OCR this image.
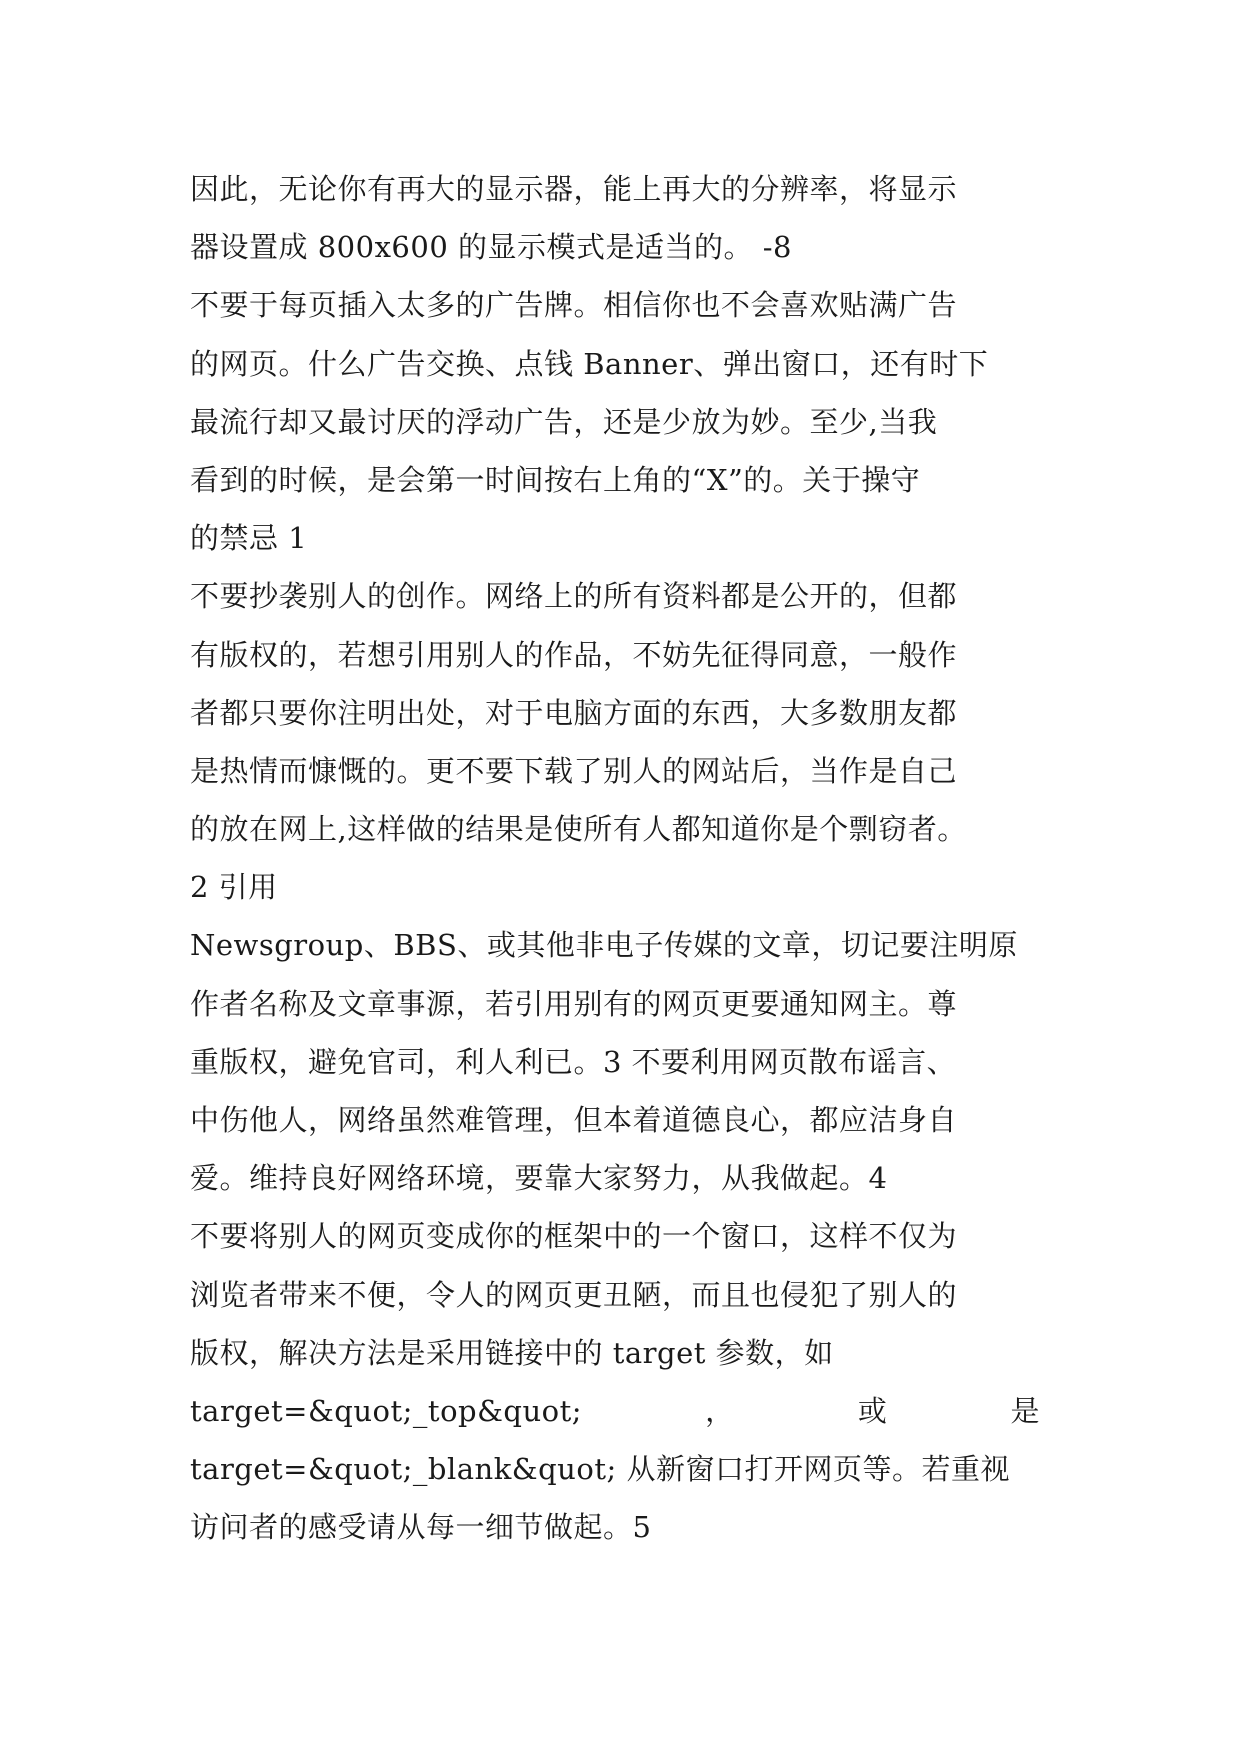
因此，无论你有再大的显示器，能上再大的分辨率，将显示
器设置成 800x600 的显示模式是适当的。 -8
不要于每页插入太多的广告牌。相信你也不会喜欢贴满广告
的网页。什么广告交换、点钱 Banner、弹出窗口，还有时下
最流行却又最讨厌的浮动广告，还是少放为妙。至少,当我
看到的时候，是会第一时间按右上角的“X”的。关于操守
的禁忌 1
不要抄袭别人的创作。网络上的所有资料都是公开的，但都
有版权的，若想引用别人的作品，不妨先征得同意，一般作
者都只要你注明出处，对于电脑方面的东西，大多数朋友都
是热情而慷慨的。更不要下载了别人的网站后，当作是自己
的放在网上,这样做的结果是使所有人都知道你是个剽窃者。
2 引用
Newsgroup、BBS、或其他非电子传媒的文章，切记要注明原
作者名称及文章事源，若引用别有的网页更要通知网主。尊
重版权，避免官司，利人利已。3 不要利用网页散布谣言、
中伤他人，网络虽然难管理，但本着道德良心，都应洁身自
爱。维持良好网络环境，要靠大家努力，从我做起。4
不要将别人的网页变成你的框架中的一个窗口，这样不仅为
浏览者带来不便，令人的网页更丑陋，而且也侵犯了别人的
版权，解决方法是采用链接中的 target 参数，如
target=&quot;_top&quot;	，	或	是
target=&quot;_blank&quot; 从新窗口打开网页等。若重视
访问者的感受请从每一细节做起。5
